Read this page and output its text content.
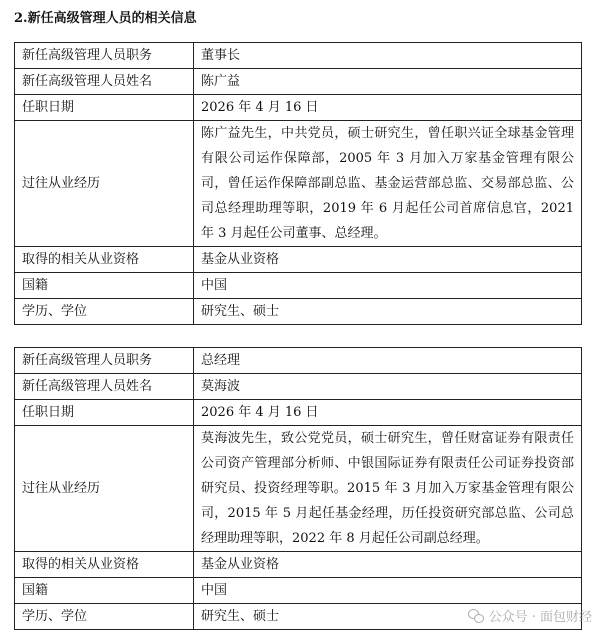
2.新任高级管理人员的相关信息
新任高级管理人员职务	董事长
新任高级管理人员姓名	陈广益
任职日期	2026 年 4 月 16 日
过往从业经历	陈广益先生，中共党员，硕士研究生，曾任职兴证全球基金管理有限公司运作保障部，2005 年 3 月加入万家基金管理有限公司，曾任运作保障部副总监、基金运营部总监、交易部总监、公司总经理助理等职，2019 年 6 月起任公司首席信息官，2021 年 3 月起任公司董事、总经理。
取得的相关从业资格	基金从业资格
国籍	中国
学历、学位	研究生、硕士
新任高级管理人员职务	总经理
新任高级管理人员姓名	莫海波
任职日期	2026 年 4 月 16 日
过往从业经历	莫海波先生，致公党党员，硕士研究生，曾任财富证券有限责任公司资产管理部分析师、中银国际证券有限责任公司证券投资部研究员、投资经理等职。2015 年 3 月加入万家基金管理有限公司，2015 年 5 月起任基金经理，历任投资研究部总监、公司总经理助理等职，2022 年 8 月起任公司副总经理。
取得的相关从业资格	基金从业资格
国籍	中国
学历、学位	研究生、硕士	公众号 · 面包财经
